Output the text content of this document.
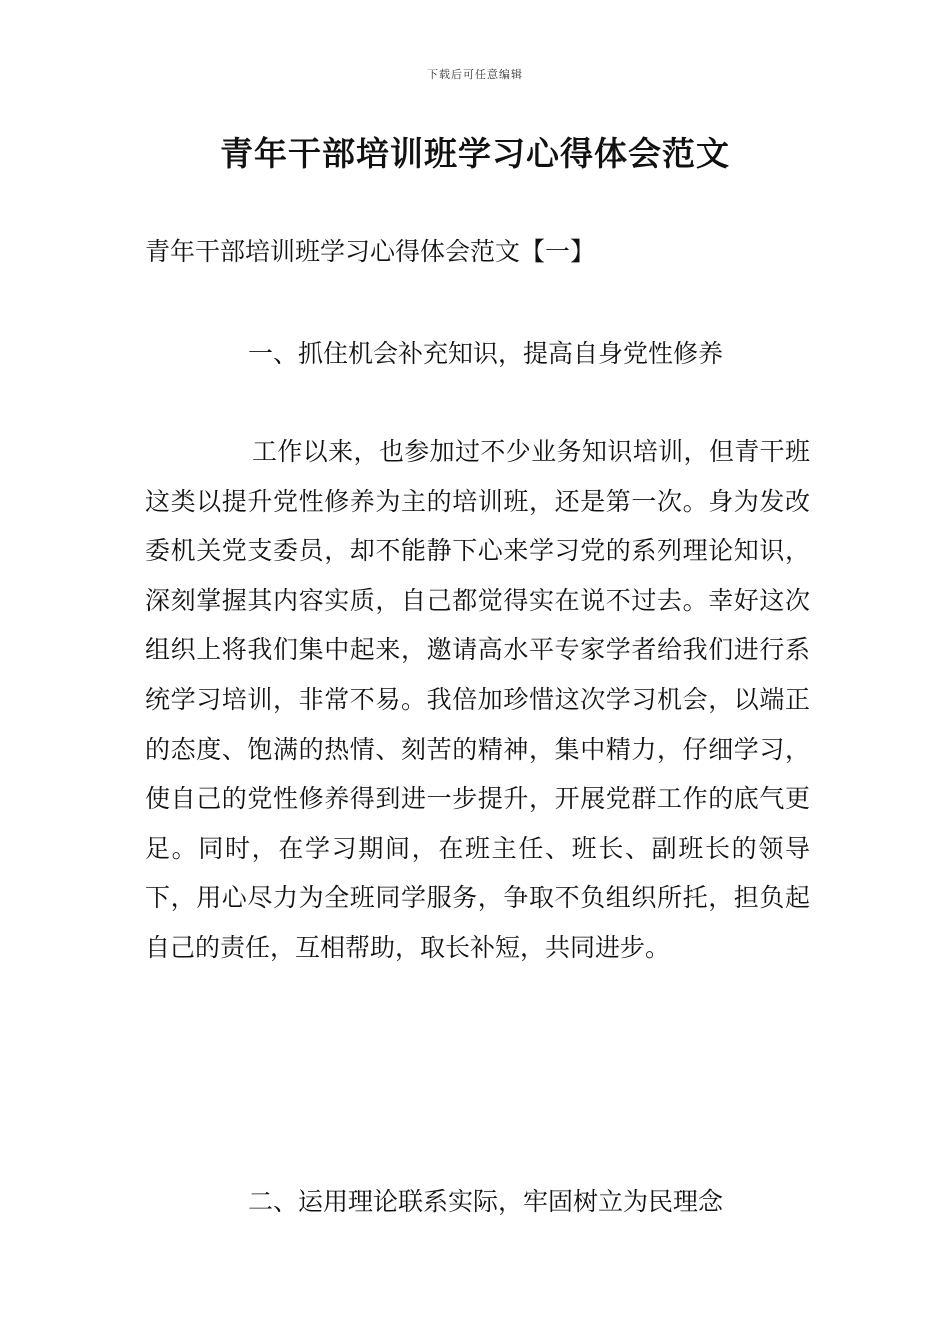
下载后可任意编辑
青年干部培训班学习心得体会范文
青年干部培训班学习心得体会范文【一】
一、抓住机会补充知识，提高自身党性修养

工作以来，也参加过不少业务知识培训，但青干班这类以提升党性修养为主的培训班，还是第一次。身为发改委机关党支委员，却不能静下心来学习党的系列理论知识，深刻掌握其内容实质，自己都觉得实在说不过去。幸好这次组织上将我们集中起来，邀请高水平专家学者给我们进行系统学习培训，非常不易。我倍加珍惜这次学习机会，以端正的态度、饱满的热情、刻苦的精神，集中精力，仔细学习，使自己的党性修养得到进一步提升，开展党群工作的底气更足。同时，在学习期间，在班主任、班长、副班长的领导下，用心尽力为全班同学服务，争取不负组织所托，担负起自己的责任，互相帮助，取长补短，共同进步。

二、运用理论联系实际，牢固树立为民理念
